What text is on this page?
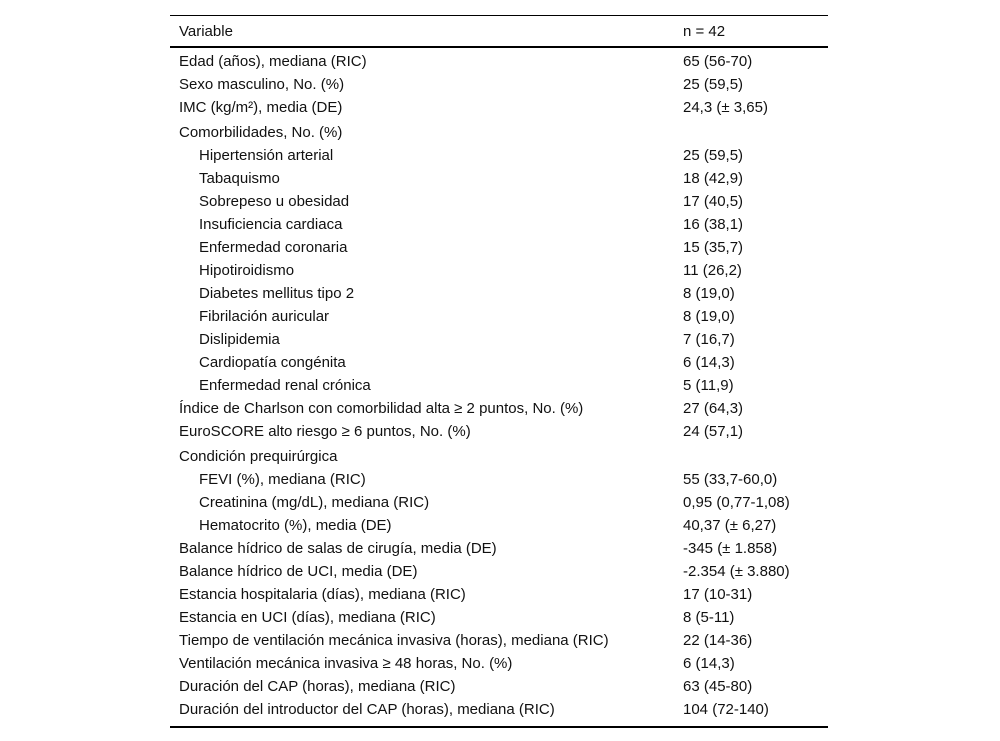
Variable	n = 42
Edad (años), mediana (RIC)	65 (56-70)
Sexo masculino, No. (%)	25 (59,5)
IMC (kg/m²), media (DE)	24,3 (± 3,65)
Comorbilidades, No. (%)
Hipertensión arterial	25 (59,5)
Tabaquismo	18 (42,9)
Sobrepeso u obesidad	17 (40,5)
Insuficiencia cardiaca	16 (38,1)
Enfermedad coronaria	15 (35,7)
Hipotiroidismo	11 (26,2)
Diabetes mellitus tipo 2	8 (19,0)
Fibrilación auricular	8 (19,0)
Dislipidemia	7 (16,7)
Cardiopatía congénita	6 (14,3)
Enfermedad renal crónica	5 (11,9)
Índice de Charlson con comorbilidad alta ≥ 2 puntos, No. (%)	27 (64,3)
EuroSCORE alto riesgo ≥ 6 puntos, No. (%)	24 (57,1)
Condición prequirúrgica
FEVI (%), mediana (RIC)	55 (33,7-60,0)
Creatinina (mg/dL), mediana (RIC)	0,95 (0,77-1,08)
Hematocrito (%), media (DE)	40,37 (± 6,27)
Balance hídrico de salas de cirugía, media (DE)	-345 (± 1.858)
Balance hídrico de UCI, media (DE)	-2.354 (± 3.880)
Estancia hospitalaria (días), mediana (RIC)	17 (10-31)
Estancia en UCI (días), mediana (RIC)	8 (5-11)
Tiempo de ventilación mecánica invasiva (horas), mediana (RIC)	22 (14-36)
Ventilación mecánica invasiva ≥ 48 horas, No. (%)	6 (14,3)
Duración del CAP (horas), mediana (RIC)	63 (45-80)
Duración del introductor del CAP (horas), mediana (RIC)	104 (72-140)
